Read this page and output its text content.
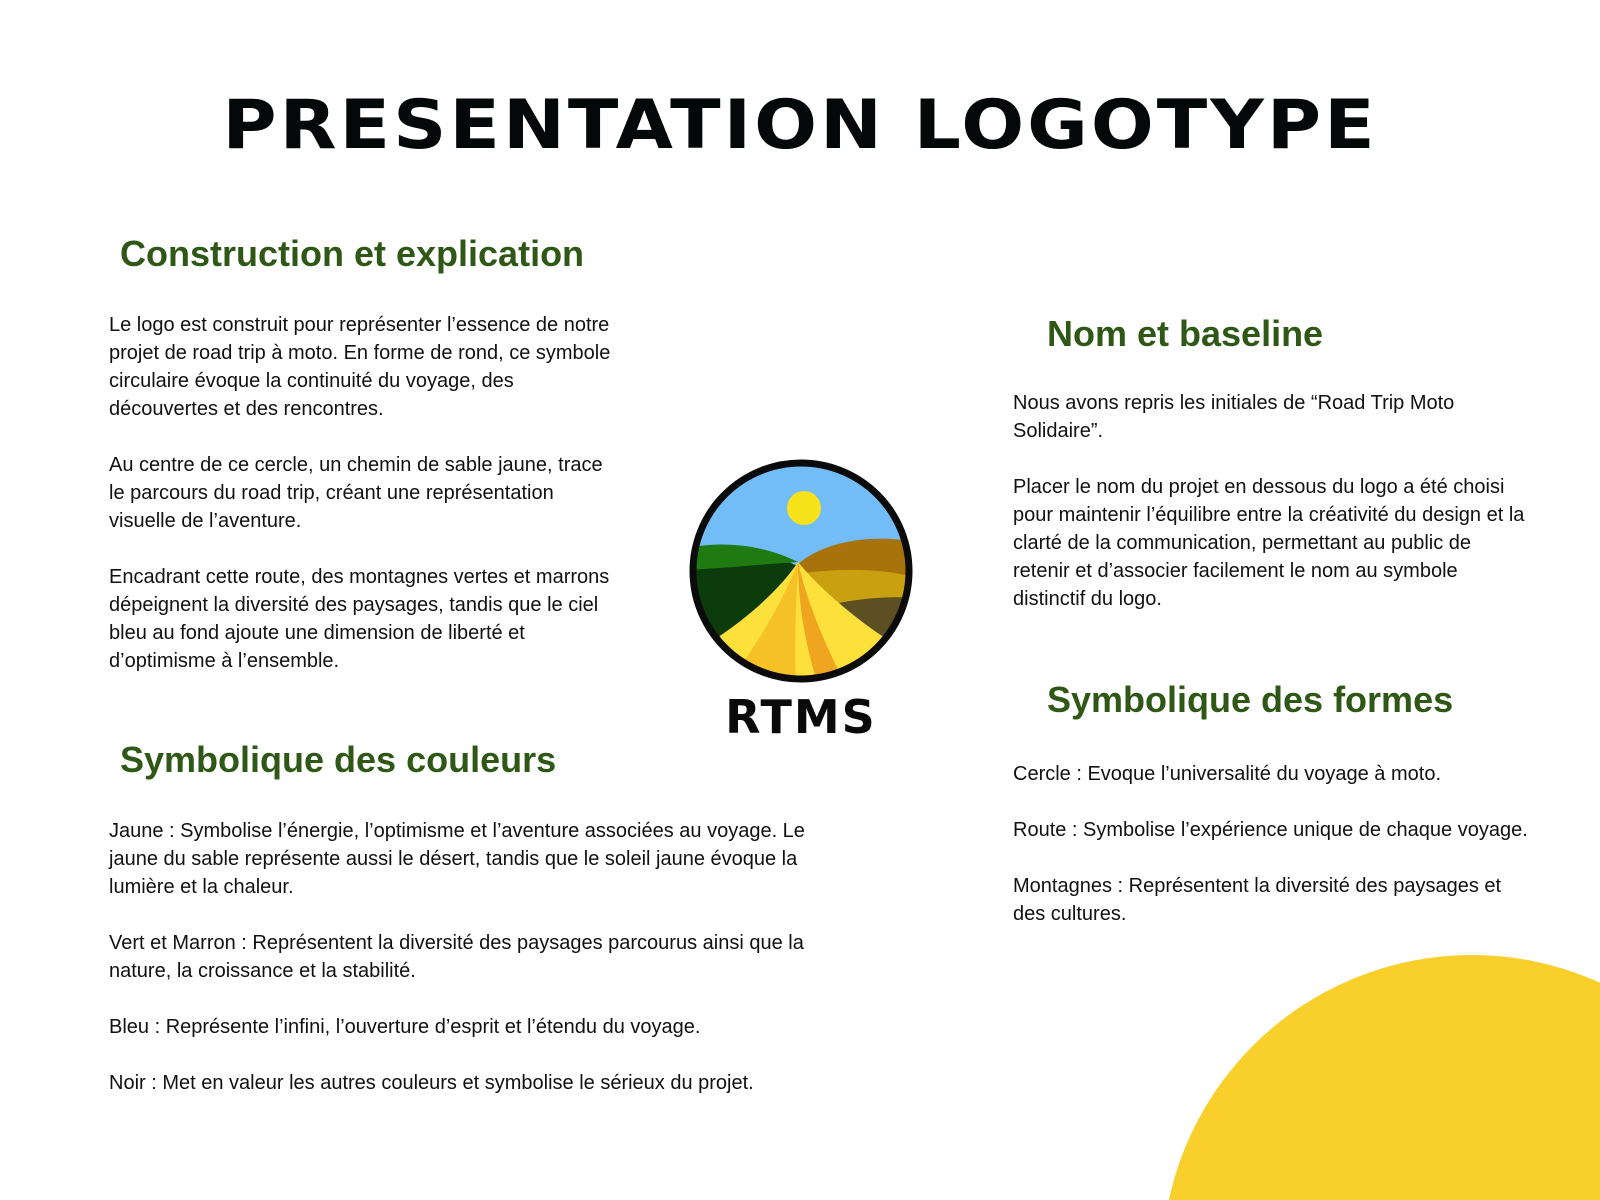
PRESENTATION LOGOTYPE
Construction et explication

Le logo est construit pour représenter l’essence de notre projet de road trip à moto. En forme de rond, ce symbole circulaire évoque la continuité du voyage, des découvertes et des rencontres.

Au centre de ce cercle, un chemin de sable jaune, trace le parcours du road trip, créant une représentation visuelle de l’aventure.

Encadrant cette route, des montagnes vertes et marrons dépeignent la diversité des paysages, tandis que le ciel bleu au fond ajoute une dimension de liberté et d’optimisme à l’ensemble.

Symbolique des couleurs

Jaune : Symbolise l’énergie, l’optimisme et l’aventure associées au voyage. Le jaune du sable représente aussi le désert, tandis que le soleil jaune évoque la lumière et la chaleur.

Vert et Marron : Représentent la diversité des paysages parcourus ainsi que la nature, la croissance et la stabilité.

Bleu : Représente l’infini, l’ouverture d’esprit et l’étendu du voyage.

Noir : Met en valeur les autres couleurs et symbolise le sérieux du projet.

Nom et baseline

Nous avons repris les initiales de “Road Trip Moto Solidaire”.

Placer le nom du projet en dessous du logo a été choisi pour maintenir l’équilibre entre la créativité du design et la clarté de la communication, permettant au public de retenir et d’associer facilement le nom au symbole distinctif du logo.

Symbolique des formes

Cercle : Evoque l’universalité du voyage à moto.

Route : Symbolise l’expérience unique de chaque voyage.

Montagnes : Représentent la diversité des paysages et des cultures.

RTMS
